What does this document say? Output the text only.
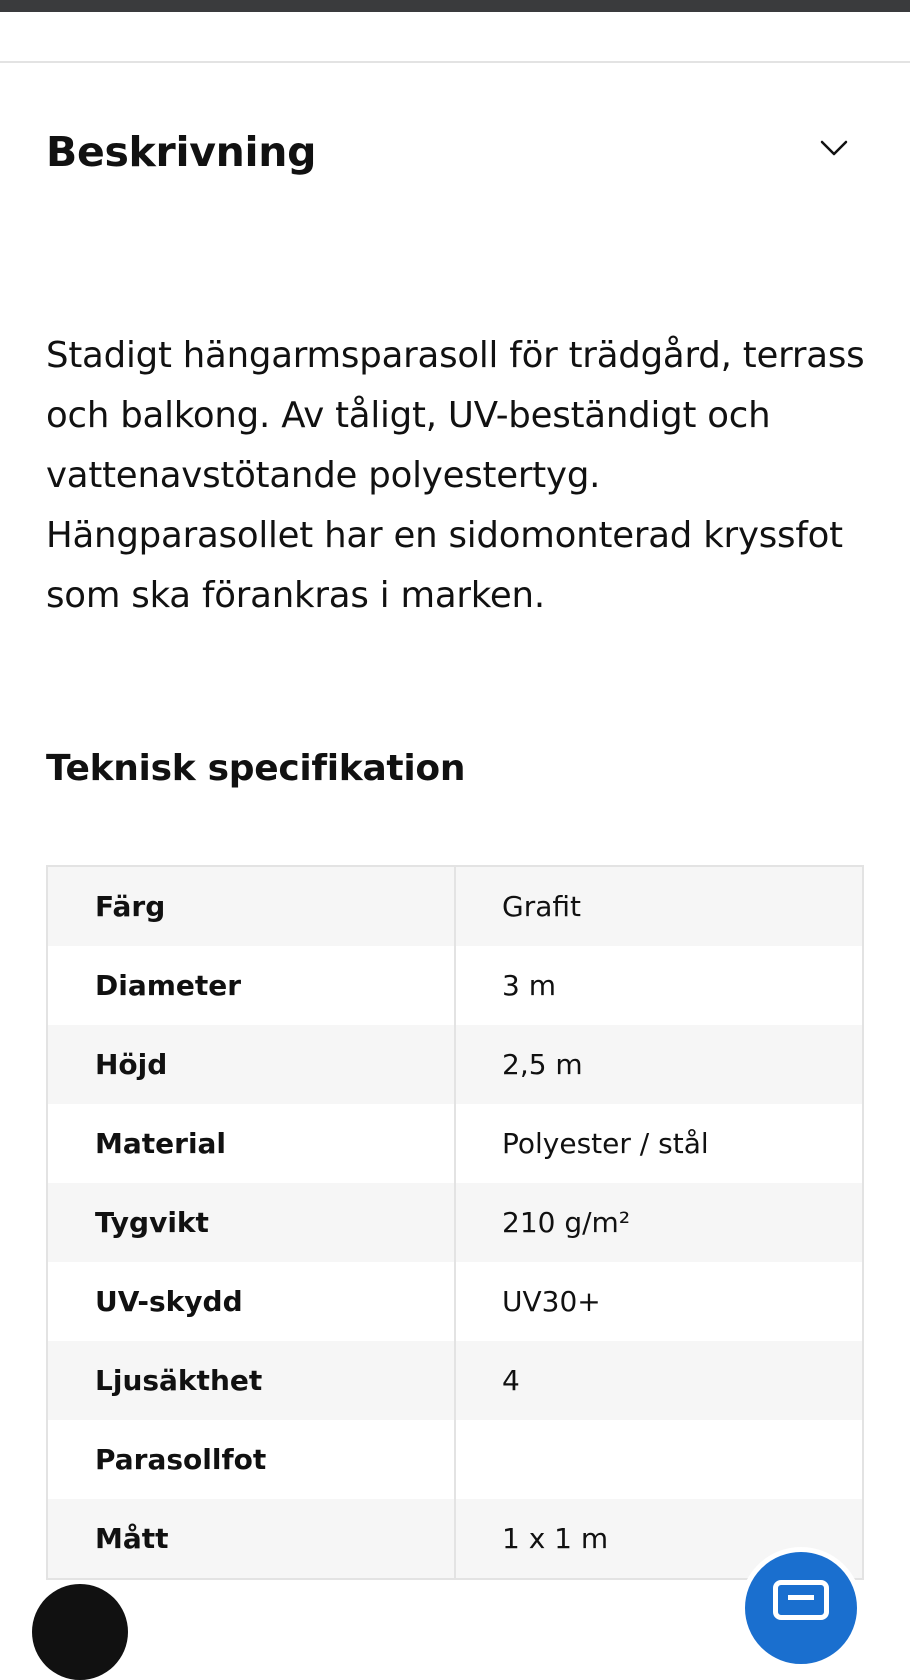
Beskrivning
Stadigt hängarmsparasoll för trädgård, terrass och balkong. Av tåligt, UV-beständigt och vattenavstötande polyestertyg. Hängparasollet har en sidomonterad kryssfot som ska förankras i marken.
Teknisk specifikation
Färg	Grafit
Diameter	3 m
Höjd	2,5 m
Material	Polyester / stål
Tygvikt	210 g/m²
UV-skydd	UV30+
Ljusäkthet	4
Parasollfot
Mått	1 x 1 m
